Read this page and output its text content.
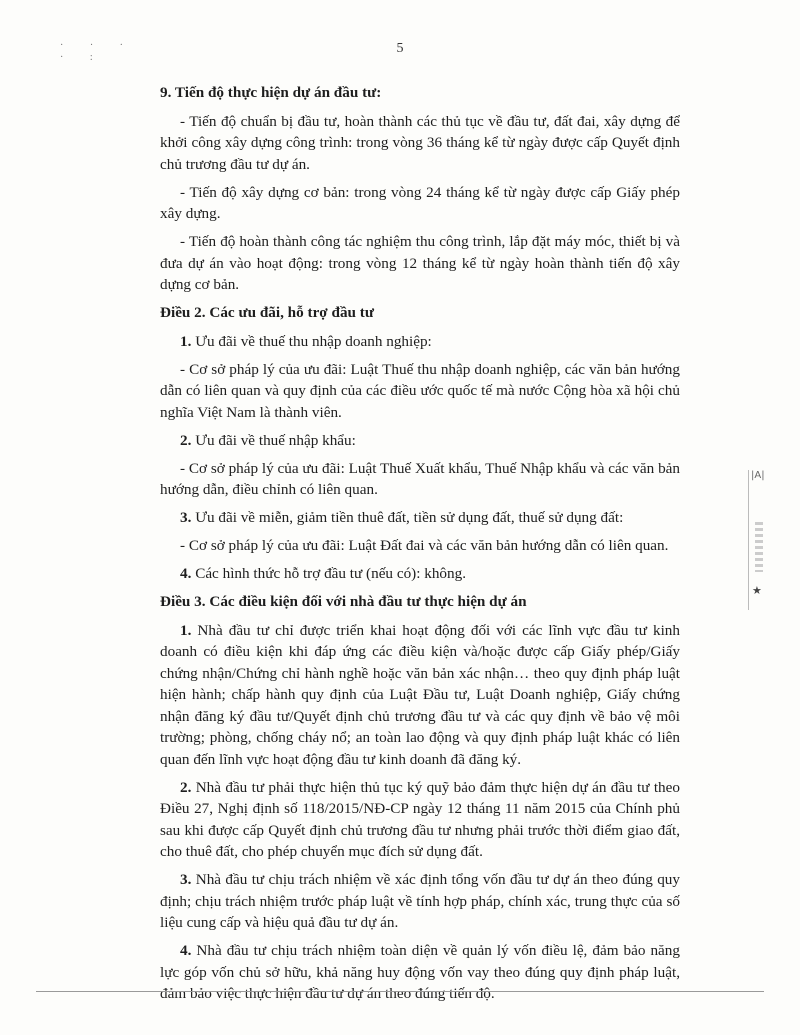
· · ·
· :
5

9. Tiến độ thực hiện dự án đầu tư:

- Tiến độ chuẩn bị đầu tư, hoàn thành các thủ tục về đầu tư, đất đai, xây dựng để khởi công xây dựng công trình: trong vòng 36 tháng kể từ ngày được cấp Quyết định chủ trương đầu tư dự án.

- Tiến độ xây dựng cơ bản: trong vòng 24 tháng kể từ ngày được cấp Giấy phép xây dựng.

- Tiến độ hoàn thành công tác nghiệm thu công trình, lắp đặt máy móc, thiết bị và đưa dự án vào hoạt động: trong vòng 12 tháng kể từ ngày hoàn thành tiến độ xây dựng cơ bản.

Điều 2. Các ưu đãi, hỗ trợ đầu tư

1. Ưu đãi về thuế thu nhập doanh nghiệp:

- Cơ sở pháp lý của ưu đãi: Luật Thuế thu nhập doanh nghiệp, các văn bản hướng dẫn có liên quan và quy định của các điều ước quốc tế mà nước Cộng hòa xã hội chủ nghĩa Việt Nam là thành viên.

2. Ưu đãi về thuế nhập khẩu:

- Cơ sở pháp lý của ưu đãi: Luật Thuế Xuất khẩu, Thuế Nhập khẩu và các văn bản hướng dẫn, điều chỉnh có liên quan.

3. Ưu đãi về miễn, giảm tiền thuê đất, tiền sử dụng đất, thuế sử dụng đất:

- Cơ sở pháp lý của ưu đãi: Luật Đất đai và các văn bản hướng dẫn có liên quan.

4. Các hình thức hỗ trợ đầu tư (nếu có): không.

Điều 3. Các điều kiện đối với nhà đầu tư thực hiện dự án

1. Nhà đầu tư chỉ được triển khai hoạt động đối với các lĩnh vực đầu tư kinh doanh có điều kiện khi đáp ứng các điều kiện và/hoặc được cấp Giấy phép/Giấy chứng nhận/Chứng chỉ hành nghề hoặc văn bản xác nhận… theo quy định pháp luật hiện hành; chấp hành quy định của Luật Đầu tư, Luật Doanh nghiệp, Giấy chứng nhận đăng ký đầu tư/Quyết định chủ trương đầu tư và các quy định về bảo vệ môi trường; phòng, chống cháy nổ; an toàn lao động và quy định pháp luật khác có liên quan đến lĩnh vực hoạt động đầu tư kinh doanh đã đăng ký.

2. Nhà đầu tư phải thực hiện thủ tục ký quỹ bảo đảm thực hiện dự án đầu tư theo Điều 27, Nghị định số 118/2015/NĐ-CP ngày 12 tháng 11 năm 2015 của Chính phủ sau khi được cấp Quyết định chủ trương đầu tư nhưng phải trước thời điểm giao đất, cho thuê đất, cho phép chuyển mục đích sử dụng đất.

3. Nhà đầu tư chịu trách nhiệm về xác định tổng vốn đầu tư dự án theo đúng quy định; chịu trách nhiệm trước pháp luật về tính hợp pháp, chính xác, trung thực của số liệu cung cấp và hiệu quả đầu tư dự án.

4. Nhà đầu tư chịu trách nhiệm toàn diện về quản lý vốn điều lệ, đảm bảo năng lực góp vốn chủ sở hữu, khả năng huy động vốn vay theo đúng quy định pháp luật, đảm bảo việc thực hiện đầu tư dự án theo đúng tiến độ.

|A|
★
